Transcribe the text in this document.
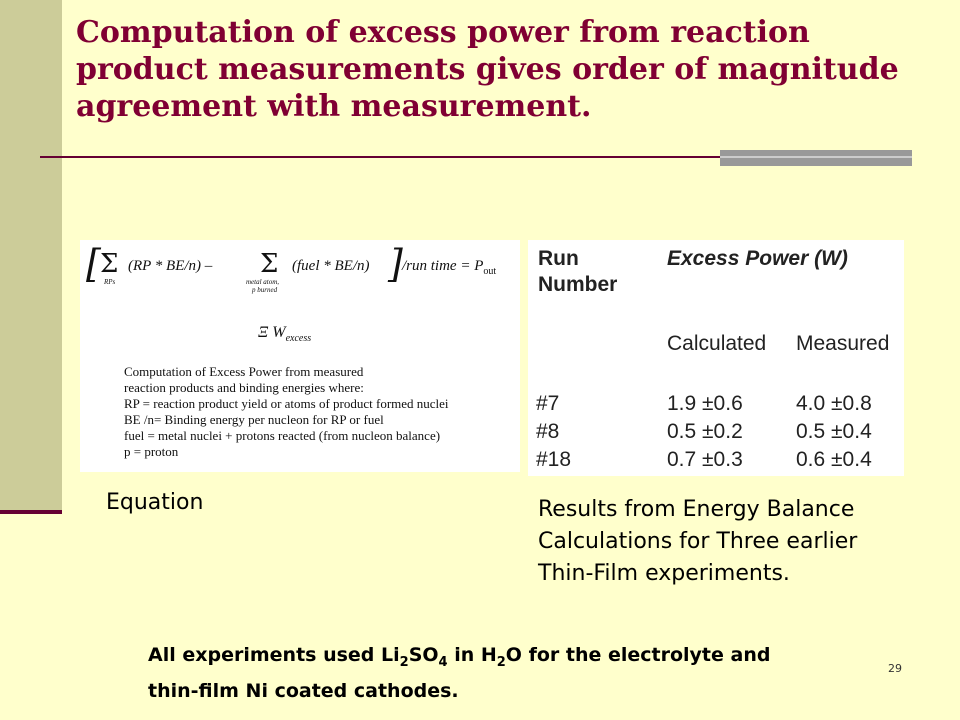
Computation of excess power from reaction product measurements gives order of magnitude agreement with measurement.
[ Σ
RPs
(RP * BE/n) – Σ
metal atom,
p burned
(fuel * BE/n) ] /run time = $P_{out}$
Ξ $W_{excess}$

Computation of Excess Power from measured
reaction products and binding energies where:
RP = reaction product yield or atoms of product formed nuclei
BE /n= Binding energy per nucleon for RP or fuel
fuel = metal nuclei + protons reacted (from nucleon balance)
p = proton

Run
Number
Excess Power (W)
Calculated Measured
#7	1.9 ±0.6	4.0 ±0.8
#8	0.5 ±0.2	0.5 ±0.4
#18	0.7 ±0.3	0.6 ±0.4

Equation	Results from Energy Balance
Calculations for Three earlier
Thin-Film experiments.

All experiments used $Li_2SO_4$ in $H_2O$ for the electrolyte and
thin-film Ni coated cathodes.

29
